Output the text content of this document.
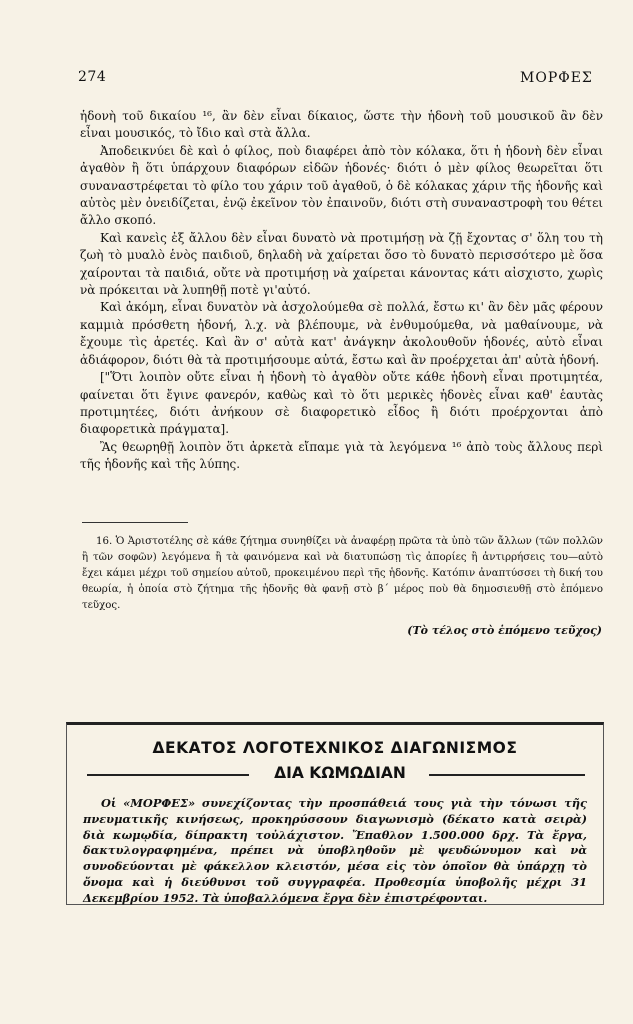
274	ΜΟΡΦΕΣ

ἡδονὴ τοῦ δικαίου ¹⁶, ἂν δὲν εἶναι δίκαιος, ὥστε τὴν ἡδονὴ τοῦ μουσικοῦ ἂν δὲν εἶναι μουσικός, τὸ ἴδιο καὶ στὰ ἄλλα.

Ἀποδεικνύει δὲ καὶ ὁ φίλος, ποὺ διαφέρει ἀπὸ τὸν κόλακα, ὅτι ἡ ἡδονὴ δὲν εἶναι ἀγαθὸν ἢ ὅτι ὑπάρχουν διαφόρων εἰδῶν ἡδονές· διότι ὁ μὲν φίλος θεωρεῖται ὅτι συναναστρέφεται τὸ φίλο του χάριν τοῦ ἀγαθοῦ, ὁ δὲ κόλακας χάριν τῆς ἡδονῆς καὶ αὐτὸς μὲν ὀνειδίζεται, ἐνῷ ἐκεῖνον τὸν ἐπαινοῦν, διότι στὴ συναναστροφὴ του θέτει ἄλλο σκοπό.

Καὶ κανεὶς ἐξ ἄλλου δὲν εἶναι δυνατὸ νὰ προτιμήσῃ νὰ ζῇ ἔχοντας σ' ὅλη του τὴ ζωὴ τὸ μυαλὸ ἑνὸς παιδιοῦ, δηλαδὴ νὰ χαίρεται ὅσο τὸ δυνατὸ περισσότερο μὲ ὅσα χαίρονται τὰ παιδιά, οὔτε νὰ προτιμήσῃ νὰ χαίρεται κάνοντας κάτι αἰσχιστο, χωρὶς νὰ πρόκειται νὰ λυπηθῇ ποτὲ γι'αὐτό.

Καὶ ἀκόμη, εἶναι δυνατὸν νὰ ἀσχολούμεθα σὲ πολλά, ἔστω κι' ἂν δὲν μᾶς φέρουν καμμιὰ πρόσθετη ἡδονή, λ.χ. νὰ βλέπουμε, νὰ ἐνθυμούμεθα, νὰ μαθαίνουμε, νὰ ἔχουμε τὶς ἀρετές. Καὶ ἂν σ' αὐτὰ κατ' ἀνάγκην ἀκολουθοῦν ἡδονές, αὐτὸ εἶναι ἀδιάφορον, διότι θὰ τὰ προτιμήσουμε αὐτά, ἔστω καὶ ἂν προέρχεται ἀπ' αὐτὰ ἡδονή.

["Ὅτι λοιπὸν οὔτε εἶναι ἡ ἡδονὴ τὸ ἀγαθὸν οὔτε κάθε ἡδονὴ εἶναι προτιμητέα, φαίνεται ὅτι ἔγινε φανερόν, καθὼς καὶ τὸ ὅτι μερικὲς ἡδονὲς εἶναι καθ' ἑαυτὰς προτιμητέες, διότι ἀνήκουν σὲ διαφορετικὸ εἶδος ἢ διότι προέρχονται ἀπὸ διαφορετικὰ πράγματα].

Ἂς θεωρηθῇ λοιπὸν ὅτι ἀρκετὰ εἴπαμε γιὰ τὰ λεγόμενα ¹⁶ ἀπὸ τοὺς ἄλλους περὶ τῆς ἡδονῆς καὶ τῆς λύπης.

16. Ὁ Ἀριστοτέλης σὲ κάθε ζήτημα συνηθίζει νὰ ἀναφέρῃ πρῶτα τὰ ὑπὸ τῶν ἄλλων (τῶν πολλῶν ἢ τῶν σοφῶν) λεγόμενα ἢ τὰ φαινόμενα καὶ νὰ διατυπώσῃ τὶς ἀπορίες ἢ ἀντιρρήσεις του—αὐτὸ ἔχει κάμει μέχρι τοῦ σημείου αὐτοῦ, προκειμένου περὶ τῆς ἡδονῆς. Κατόπιν ἀναπτύσσει τὴ δική του θεωρία, ἡ ὁποία στὸ ζήτημα τῆς ἡδονῆς θὰ φανῇ στὸ β΄ μέρος ποὺ θὰ δημοσιευθῇ στὸ ἑπόμενο τεῦχος.
(Τὸ τέλος στὸ ἑπόμενο τεῦχος)
ΔΕΚΑΤΟΣ ΛΟΓΟΤΕΧΝΙΚΟΣ ΔΙΑΓΩΝΙΣΜΟΣ
ΔΙΑ ΚΩΜΩΔΙΑΝ
Οἱ «ΜΟΡΦΕΣ» συνεχίζοντας τὴν προσπάθειά τους γιὰ τὴν τόνωσι τῆς πνευματικῆς κινήσεως, προκηρύσσουν διαγωνισμὸ (δέκατο κατὰ σειρὰ) διὰ κωμῳδία, δίπρακτη τοὐλάχιστον. Ἔπαθλον 1.500.000 δρχ. Τὰ ἔργα, δακτυλογραφημένα, πρέπει νὰ ὑποβληθοῦν μὲ ψευδώνυμον καὶ νὰ συνοδεύονται μὲ φάκελλον κλειστόν, μέσα εἰς τὸν ὁποῖον θὰ ὑπάρχῃ τὸ ὄνομα καὶ ἡ διεύθυνσι τοῦ συγγραφέα. Προθεσμία ὑποβολῆς μέχρι 31 Δεκεμβρίου 1952. Τὰ ὑποβαλλόμενα ἔργα δὲν ἐπιστρέφονται.
